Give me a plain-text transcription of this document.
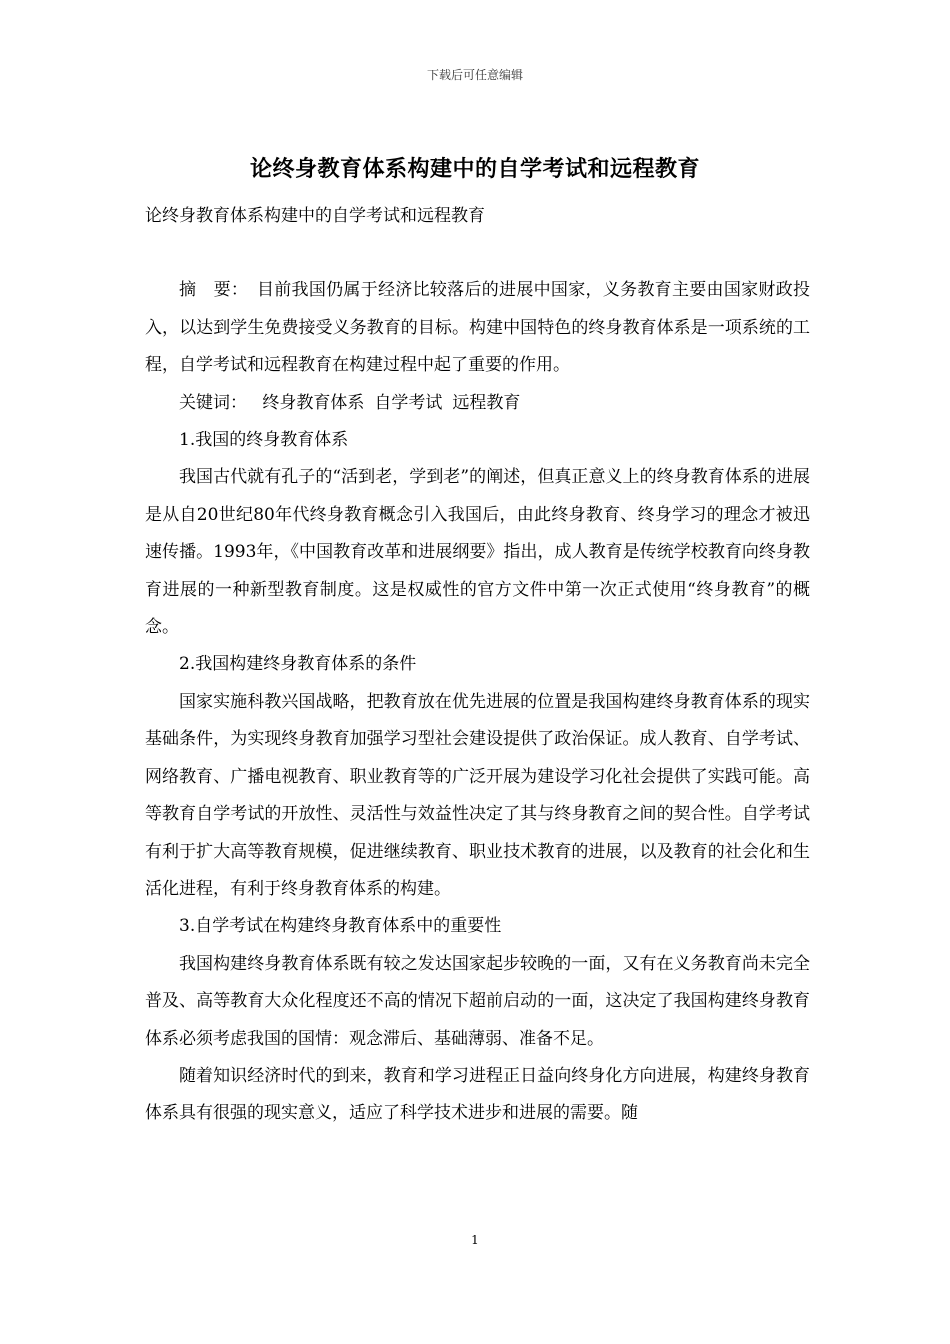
下载后可任意编辑
论终身教育体系构建中的自学考试和远程教育

论终身教育体系构建中的自学考试和远程教育

摘　要：　 目前我国仍属于经济比较落后的进展中国家，义务教育主要由国家财政投入，以达到学生免费接受义务教育的目标。构建中国特色的终身教育体系是一项系统的工程，自学考试和远程教育在构建过程中起了重要的作用。

关键词： 终身教育体系 自学考试 远程教育

1.我国的终身教育体系

我国古代就有孔子的“活到老，学到老”的阐述，但真正意义上的终身教育体系的进展是从自20世纪80年代终身教育概念引入我国后，由此终身教育、终身学习的理念才被迅速传播。1993年，《中国教育改革和进展纲要》指出，成人教育是传统学校教育向终身教育进展的一种新型教育制度。这是权威性的官方文件中第一次正式使用“终身教育”的概念。

2.我国构建终身教育体系的条件

国家实施科教兴国战略，把教育放在优先进展的位置是我国构建终身教育体系的现实基础条件，为实现终身教育加强学习型社会建设提供了政治保证。成人教育、自学考试、网络教育、广播电视教育、职业教育等的广泛开展为建设学习化社会提供了实践可能。高等教育自学考试的开放性、灵活性与效益性决定了其与终身教育之间的契合性。自学考试有利于扩大高等教育规模，促进继续教育、职业技术教育的进展，以及教育的社会化和生活化进程，有利于终身教育体系的构建。

3.自学考试在构建终身教育体系中的重要性

我国构建终身教育体系既有较之发达国家起步较晚的一面，又有在义务教育尚未完全普及、高等教育大众化程度还不高的情况下超前启动的一面，这决定了我国构建终身教育体系必须考虑我国的国情：观念滞后、基础薄弱、准备不足。

随着知识经济时代的到来，教育和学习进程正日益向终身化方向进展，构建终身教育体系具有很强的现实意义，适应了科学技术进步和进展的需要。随

1
